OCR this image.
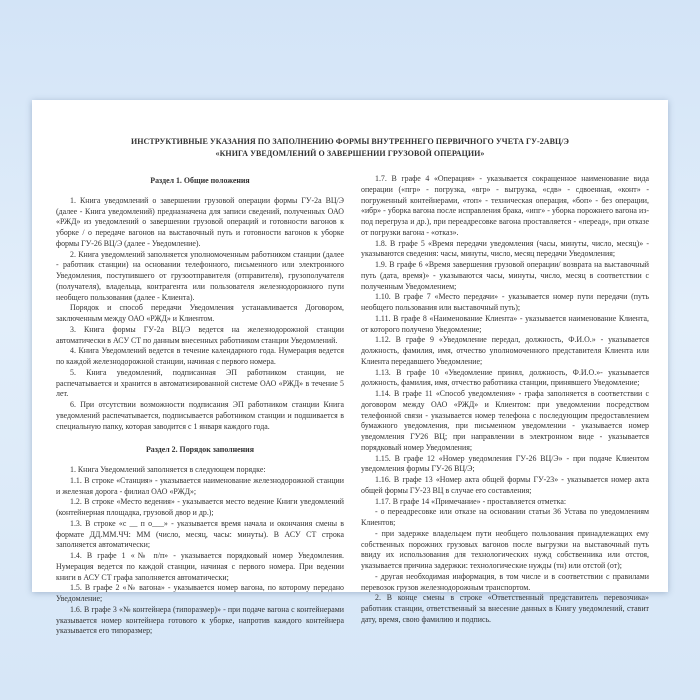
ИНСТРУКТИВНЫЕ УКАЗАНИЯ ПО ЗАПОЛНЕНИЮ ФОРМЫ ВНУТРЕННЕГО ПЕРВИЧНОГО УЧЕТА ГУ-2АВЦ/Э
«КНИГА УВЕДОМЛЕНИЙ О ЗАВЕРШЕНИИ ГРУЗОВОЙ ОПЕРАЦИИ»
Раздел 1. Общие положения

1. Книга уведомлений о завершении грузовой операции формы ГУ-2а ВЦ/Э (далее - Книга уведомлений) предназначена для записи сведений, полученных ОАО «РЖД» из уведомлений о завершении грузовой операций и готовности вагонов к уборке / о передаче вагонов на выставочный путь и готовности вагонов к уборке формы ГУ-26 ВЦ/Э (далее - Уведомление).

2. Книга уведомлений заполняется уполномоченным работником станции (далее - работник станции) на основании телефонного, письменного или электронного Уведомления, поступившего от грузоотправителя (отправителя), грузополучателя (получателя), владельца, контрагента или пользователя железнодорожного пути необщего пользования (далее - Клиента).

Порядок и способ передачи Уведомления устанавливается Договором, заключенным между ОАО «РЖД» и Клиентом.

3. Книга формы ГУ-2а ВЦ/Э ведется на железнодорожной станции автоматически в АСУ СТ по данным внесенных работником станции Уведомлений.

4. Книга Уведомлений ведется в течение календарного года. Нумерация ведется по каждой железнодорожной станции, начиная с первого номера.

5. Книга уведомлений, подписанная ЭП работником станции, не распечатывается и хранится в автоматизированной системе ОАО «РЖД» в течение 5 лет.

6. При отсутствии возможности подписания ЭП работником станции Книга уведомлений распечатывается, подписывается работником станции и подшивается в специальную папку, которая заводится с 1 января каждого года.

Раздел 2. Порядок заполнения

1. Книга Уведомлений заполняется в следующем порядке:

1.1. В строке «Станция» - указывается наименование железнодорожной станции и железная дорога - филиал ОАО «РЖД»;

1.2. В строке «Место ведения» - указывается место ведение Книги уведомлений (контейнерная площадка, грузовой двор и др.);

1.3. В строке «с __ п о___» - указывается время начала и окончания смены в формате ДД.ММ.ЧЧ: ММ (число, месяц, часы: минуты). В АСУ СТ строка заполняется автоматически;

1.4. В графе 1 «№ п/п» - указывается порядковый номер Уведомления. Нумерация ведется по каждой станции, начиная с первого номера. При ведении книги в АСУ СТ графа заполняется автоматически;

1.5. В графе 2 «№ вагона» - указывается номер вагона, по которому передано Уведомление;

1.6. В графе 3 «№ контейнера (типоразмер)» - при подаче вагона с контейнерами указывается номер контейнера готового к уборке, напротив каждого контейнера указывается его типоразмер;

1.7. В графе 4 «Операция» - указывается сокращенное наименование вида операции («пгр» - погрузка, «вгр» - выгрузка, «сдв» - сдвоенная, «конт» - погруженный контейнерами, «топ» - техническая операция, «боп» - без операции, «ибр» - уборка вагона после исправления брака, «ипг» - уборка порожнего вагона из-под перегруза и др.), при переадресовке вагона проставляется - «переад», при отказе от погрузки вагона - «отказ».

1.8. В графе 5 «Время передачи уведомления (часы, минуты, число, месяц)» - указываются сведения: часы, минуты, число, месяц передачи Уведомления;

1.9. В графе 6 «Время завершения грузовой операции/ возврата на выставочный путь (дата, время)» - указываются часы, минуты, число, месяц в соответствии с полученным Уведомлением;

1.10. В графе 7 «Место передачи» - указывается номер пути передачи (путь необщего пользования или выставочный путь);

1.11. В графе 8 «Наименование Клиента» - указывается наименование Клиента, от которого получено Уведомление;

1.12. В графе 9 «Уведомление передал, должность, Ф.И.О.» - указывается должность, фамилия, имя, отчество уполномоченного представителя Клиента или Клиента передавшего Уведомление;

1.13. В графе 10 «Уведомление принял, должность, Ф.И.О.»- указывается должность, фамилия, имя, отчество работника станции, принявшего Уведомление;

1.14. В графе 11 «Способ уведомления» - графа заполняется в соответствии с договором между ОАО «РЖД» и Клиентом: при уведомлении посредством телефонной связи - указывается номер телефона с последующим предоставлением бумажного уведомления, при письменном уведомлении - указывается номер уведомления ГУ26 ВЦ; при направлении в электронном виде - указывается порядковый номер Уведомления;

1.15. В графе 12 «Номер уведомления ГУ-26 ВЦ/Э» - при подаче Клиентом уведомления формы ГУ-26 ВЦ/Э;

1.16. В графе 13 «Номер акта общей формы ГУ-23» - указывается номер акта общей формы ГУ-23 ВЦ в случае его составления;

1.17. В графе 14 «Примечание» - проставляется отметка:

- о переадресовке или отказе на основании статьи 36 Устава по уведомлениям Клиентов;

- при задержке владельцем пути необщего пользования принадлежащих ему собственных порожних грузовых вагонов после выгрузки на выставочный путь ввиду их использования для технологических нужд собственника или отстоя, указывается причина задержки: технологические нужды (тн) или отстой (от);

- другая необходимая информация, в том числе и в соответствии с правилами перевозок грузов железнодорожным транспортом.

2. В конце смены в строке «Ответственный представитель перевозчика» работник станции, ответственный за внесение данных в Книгу уведомлений, ставит дату, время, свою фамилию и подпись.
